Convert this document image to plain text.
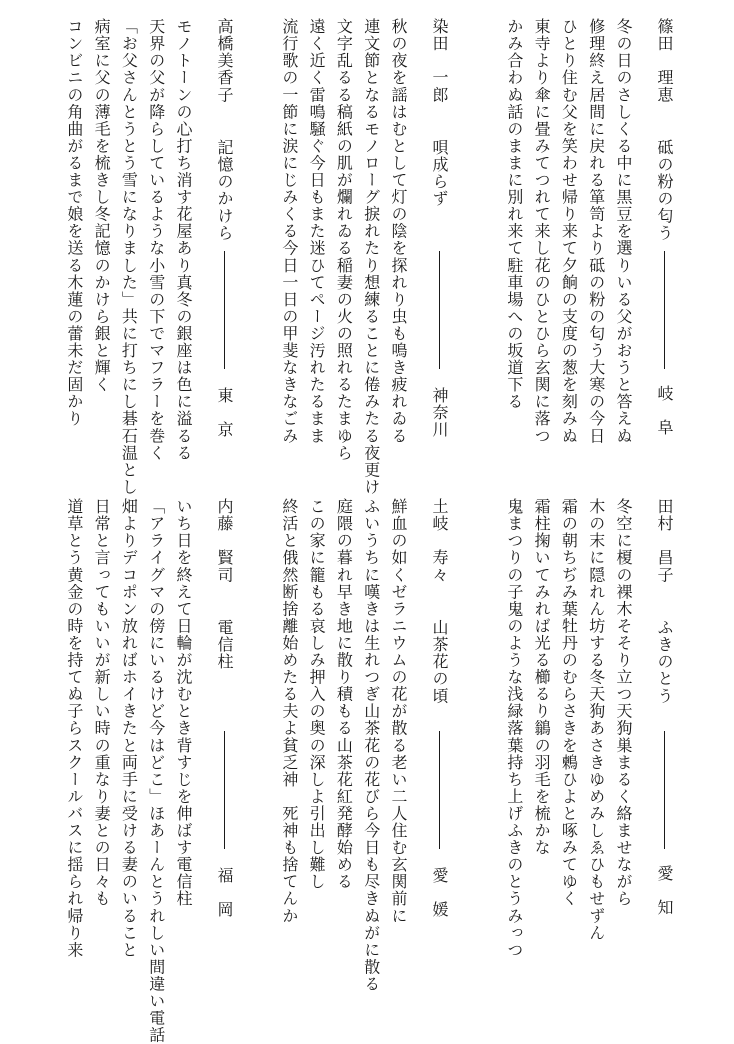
篠田　理恵
砥の粉の匂う
岐　阜
冬の日のさしくる中に黒豆を選りいる父がおうと答えぬ
修理終え居間に戻れる箪笥より砥の粉の匂う大寒の今日
ひとり住む父を笑わせ帰り来て夕餉の支度の葱を刻みぬ
東寺より傘に畳みてつれて来し花のひとひら玄関に落つ
かみ合わぬ話のままに別れ来て駐車場への坂道下る
染田　一郎
唄成らず
神奈川
秋の夜を謡はむとして灯の陰を探れり虫も鳴き疲れゐる
連文節となるモノローグ捩れたり想練ることに倦みたる夜更け
文字乱るる稿紙の肌が爛れゐる稲妻の火の照れるたまゆら
遠く近く雷鳴騒ぐ今日もまた迷ひてページ汚れたるまま
流行歌の一節に涙にじみくる今日一日の甲斐なきなごみ
高橋美香子
記憶のかけら
東　京
モノトーンの心打ち消す花屋あり真冬の銀座は色に溢るる
天界の父が降らしているような小雪の下でマフラーを巻く
「お父さんとうとう雪になりました」共に打ちにし碁石温とし
病室に父の薄毛を梳きし冬記憶のかけら銀と輝く
コンビニの角曲がるまで娘を送る木蓮の蕾未だ固かり
田村　昌子
ふきのとう
愛　知
冬空に榎の裸木そそり立つ天狗巣まるく絡ませながら
木の末に隠れん坊する冬天狗あさきゆめみしゑひもせずん
霜の朝ちぢみ葉牡丹のむらさきを鶫ひよと啄みてゆく
霜柱掬いてみれば光る櫛るり鶲の羽毛を梳かな
鬼まつりの子鬼のような浅緑落葉持ち上げふきのとうみっつ
土岐　寿々
山茶花の頃
愛　媛
鮮血の如くゼラニウムの花が散る老い二人住む玄関前に
ふいうちに嘆きは生れつぎ山茶花の花びら今日も尽きぬがに散る
庭隈の暮れ早き地に散り積もる山茶花紅発酵始める
この家に籠もる哀しみ押入の奥の深しよ引出し難し
終活と俄然断捨離始めたる夫よ貧乏神　死神も捨てんか
内藤　賢司
電信柱
福　岡
いち日を終えて日輪が沈むとき背すじを伸ばす電信柱
「アライグマの傍にいるけど今はどこ」ほあーんとうれしい間違い電話
畑よりデコポン放ればホイきたと両手に受ける妻のいること
日常と言ってもいいが新しい時の重なり妻との日々も
道草とう黄金の時を持てぬ子らスクールバスに揺られ帰り来
